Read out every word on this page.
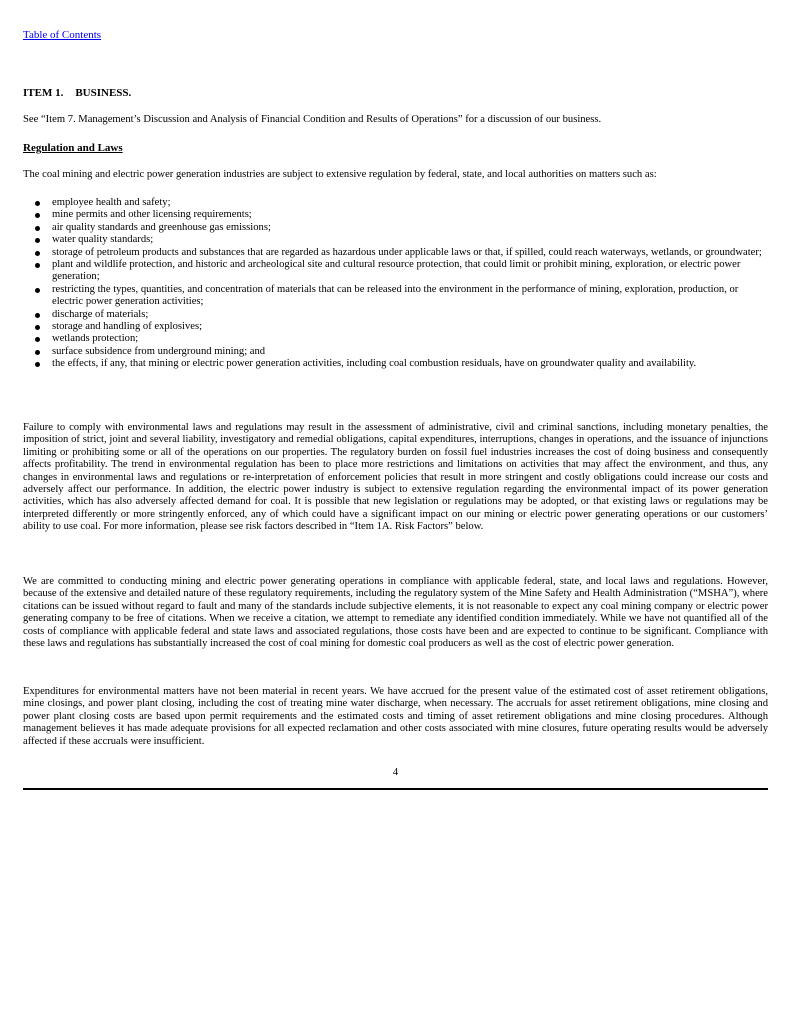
Table of Contents
ITEM 1. BUSINESS.
See “Item 7. Management’s Discussion and Analysis of Financial Condition and Results of Operations” for a discussion of our business.
Regulation and Laws
The coal mining and electric power generation industries are subject to extensive regulation by federal, state, and local authorities on matters such as:
employee health and safety;
mine permits and other licensing requirements;
air quality standards and greenhouse gas emissions;
water quality standards;
storage of petroleum products and substances that are regarded as hazardous under applicable laws or that, if spilled, could reach waterways, wetlands, or groundwater;
plant and wildlife protection, and historic and archeological site and cultural resource protection, that could limit or prohibit mining, exploration, or electric power generation;
restricting the types, quantities, and concentration of materials that can be released into the environment in the performance of mining, exploration, production, or electric power generation activities;
discharge of materials;
storage and handling of explosives;
wetlands protection;
surface subsidence from underground mining; and
the effects, if any, that mining or electric power generation activities, including coal combustion residuals, have on groundwater quality and availability.
Failure to comply with environmental laws and regulations may result in the assessment of administrative, civil and criminal sanctions, including monetary penalties, the imposition of strict, joint and several liability, investigatory and remedial obligations, capital expenditures, interruptions, changes in operations, and the issuance of injunctions limiting or prohibiting some or all of the operations on our properties. The regulatory burden on fossil fuel industries increases the cost of doing business and consequently affects profitability. The trend in environmental regulation has been to place more restrictions and limitations on activities that may affect the environment, and thus, any changes in environmental laws and regulations or re-interpretation of enforcement policies that result in more stringent and costly obligations could increase our costs and adversely affect our performance. In addition, the electric power industry is subject to extensive regulation regarding the environmental impact of its power generation activities, which has also adversely affected demand for coal. It is possible that new legislation or regulations may be adopted, or that existing laws or regulations may be interpreted differently or more stringently enforced, any of which could have a significant impact on our mining or electric power generating operations or our customers’ ability to use coal. For more information, please see risk factors described in “Item 1A. Risk Factors” below.
We are committed to conducting mining and electric power generating operations in compliance with applicable federal, state, and local laws and regulations. However, because of the extensive and detailed nature of these regulatory requirements, including the regulatory system of the Mine Safety and Health Administration (“MSHA”), where citations can be issued without regard to fault and many of the standards include subjective elements, it is not reasonable to expect any coal mining company or electric power generating company to be free of citations. When we receive a citation, we attempt to remediate any identified condition immediately. While we have not quantified all of the costs of compliance with applicable federal and state laws and associated regulations, those costs have been and are expected to continue to be significant. Compliance with these laws and regulations has substantially increased the cost of coal mining for domestic coal producers as well as the cost of electric power generation.
Expenditures for environmental matters have not been material in recent years. We have accrued for the present value of the estimated cost of asset retirement obligations, mine closings, and power plant closing, including the cost of treating mine water discharge, when necessary. The accruals for asset retirement obligations, mine closing and power plant closing costs are based upon permit requirements and the estimated costs and timing of asset retirement obligations and mine closing procedures. Although management believes it has made adequate provisions for all expected reclamation and other costs associated with mine closures, future operating results would be adversely affected if these accruals were insufficient.
4
